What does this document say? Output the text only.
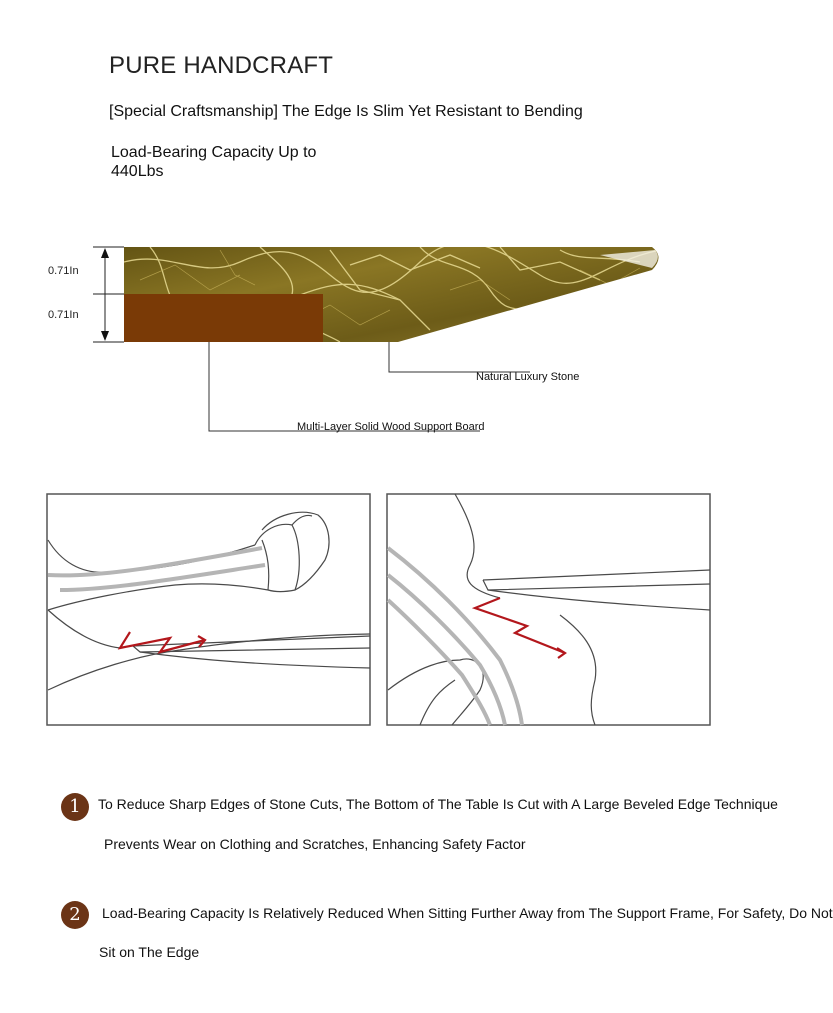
PURE HANDCRAFT
[Special Craftsmanship] The Edge Is Slim Yet Resistant to Bending
Load-Bearing Capacity Up to 440Lbs
0.71In
0.71In
Natural Luxury Stone
Multi-Layer Solid Wood Support Board
1	To Reduce Sharp Edges of Stone Cuts, The Bottom of The Table Is Cut with A Large Beveled Edge Technique
Prevents Wear on Clothing and Scratches, Enhancing Safety Factor
2	Load-Bearing Capacity Is Relatively Reduced When Sitting Further Away from The Support Frame, For Safety, Do Not
Sit on The Edge
